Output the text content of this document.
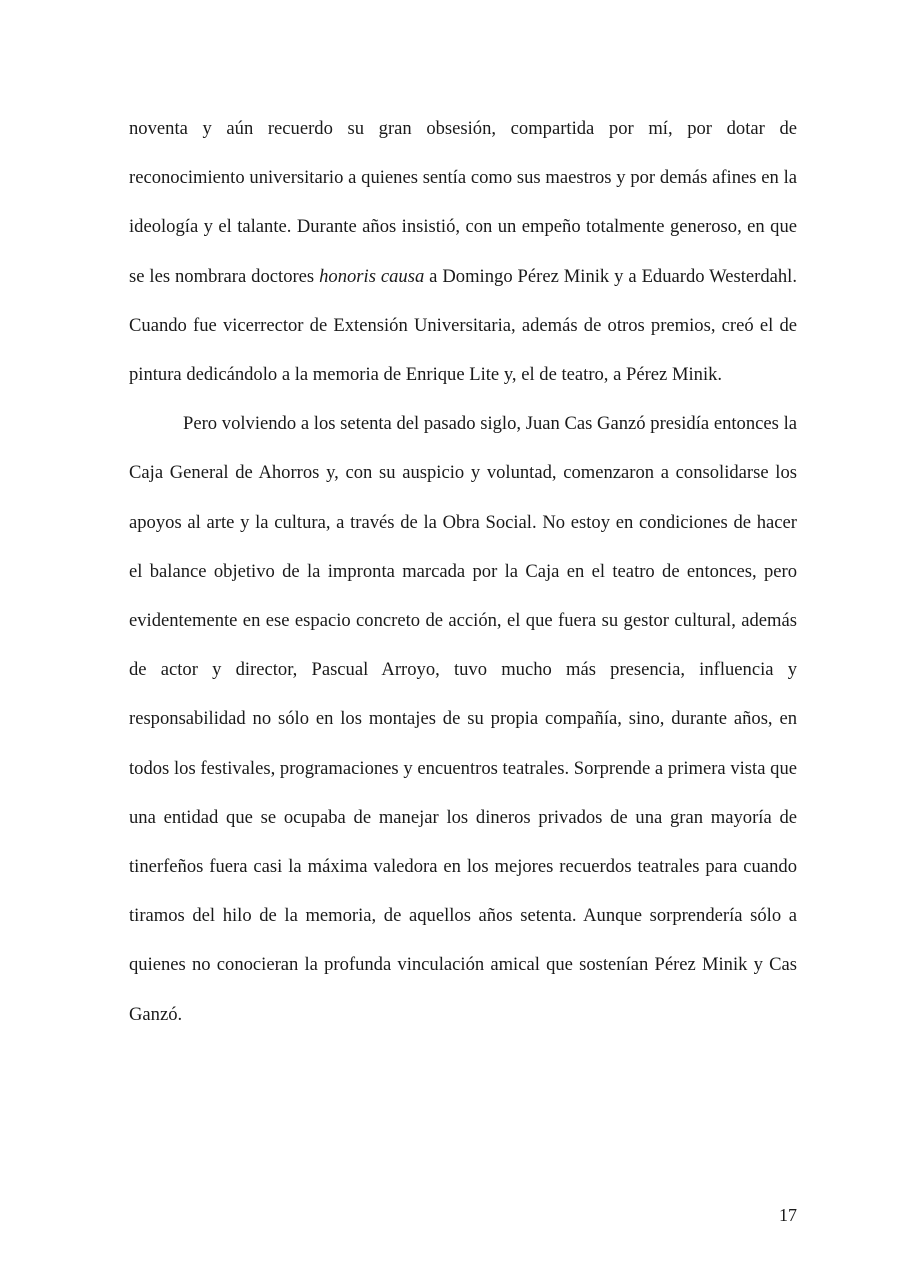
noventa y aún recuerdo su gran obsesión, compartida por mí, por dotar de reconocimiento universitario a quienes sentía como sus maestros y por demás afines en la ideología y el talante. Durante años insistió, con un empeño totalmente generoso, en que se les nombrara doctores honoris causa a Domingo Pérez Minik y a Eduardo Westerdahl. Cuando fue vicerrector de Extensión Universitaria, además de otros premios, creó el de pintura dedicándolo a la memoria de Enrique Lite y, el de teatro, a Pérez Minik.

Pero volviendo a los setenta del pasado siglo, Juan Cas Ganzó presidía entonces la Caja General de Ahorros y, con su auspicio y voluntad, comenzaron a consolidarse los apoyos al arte y la cultura, a través de la Obra Social. No estoy en condiciones de hacer el balance objetivo de la impronta marcada por la Caja en el teatro de entonces, pero evidentemente en ese espacio concreto de acción, el que fuera su gestor cultural, además de actor y director, Pascual Arroyo, tuvo mucho más presencia, influencia y responsabilidad no sólo en los montajes de su propia compañía, sino, durante años, en todos los festivales, programaciones y encuentros teatrales. Sorprende a primera vista que una entidad que se ocupaba de manejar los dineros privados de una gran mayoría de tinerfeños fuera casi la máxima valedora en los mejores recuerdos teatrales para cuando tiramos del hilo de la memoria, de aquellos años setenta. Aunque sorprendería sólo a quienes no conocieran la profunda vinculación amical que sostenían Pérez Minik y Cas Ganzó.

17
